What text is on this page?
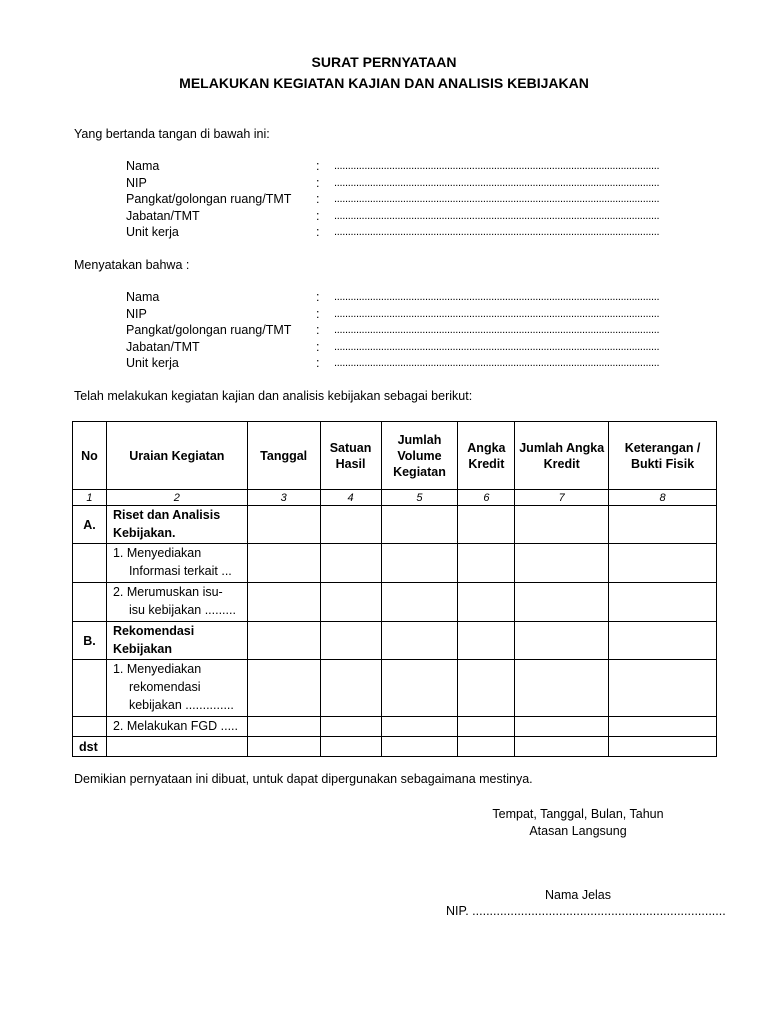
SURAT PERNYATAAN
MELAKUKAN KEGIATAN KAJIAN DAN ANALISIS KEBIJAKAN
Yang bertanda tangan di bawah ini:
Nama	:	......................................................................................................................
NIP	:	......................................................................................................................
Pangkat/golongan ruang/TMT	:	......................................................................................................................
Jabatan/TMT	:	......................................................................................................................
Unit kerja	:	......................................................................................................................
Menyatakan bahwa :
Nama	:	......................................................................................................................
NIP	:	......................................................................................................................
Pangkat/golongan ruang/TMT	:	......................................................................................................................
Jabatan/TMT	:	......................................................................................................................
Unit kerja	:	......................................................................................................................
Telah melakukan kegiatan kajian dan analisis kebijakan sebagai berikut:
No	Uraian Kegiatan	Tanggal	Satuan Hasil	Jumlah Volume Kegiatan	Angka Kredit	Jumlah Angka Kredit	Keterangan / Bukti Fisik
1	2	3	4	5	6	7	8
A.	Riset dan Analisis
Kebijakan.						

	1. Menyediakan
Informasi terkait ...						

	2. Merumuskan isu-
isu kebijakan .........						

B.	Rekomendasi
Kebijakan						

	1. Menyediakan
rekomendasi
kebijakan ..............						

	2. Melakukan FGD .....						

dst							
Demikian pernyataan ini dibuat, untuk dapat dipergunakan sebagaimana mestinya.
Tempat, Tanggal, Bulan, Tahun
Atasan Langsung
Nama Jelas
NIP. .........................................................................
